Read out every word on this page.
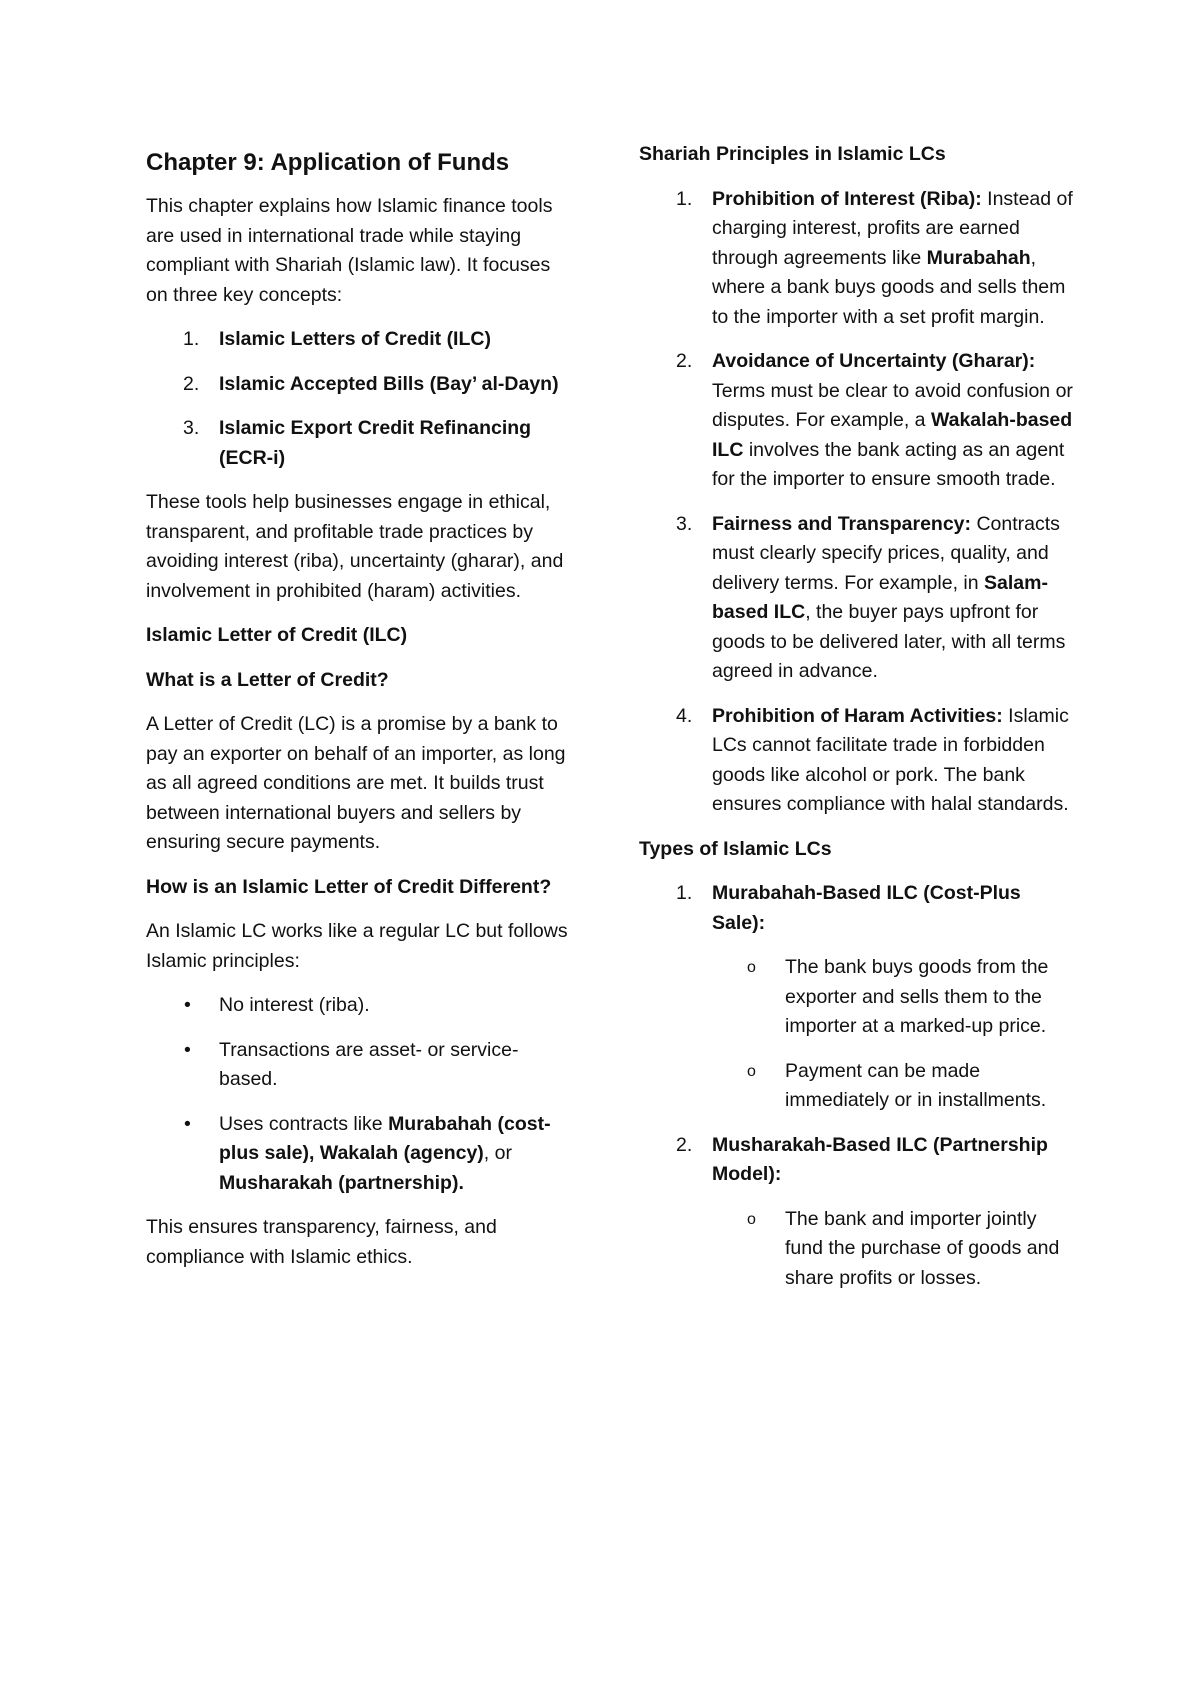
Chapter 9: Application of Funds

This chapter explains how Islamic finance tools are used in international trade while staying compliant with Shariah (Islamic law). It focuses on three key concepts:

1. Islamic Letters of Credit (ILC)
2. Islamic Accepted Bills (Bay’ al-Dayn)
3. Islamic Export Credit Refinancing (ECR-i)

These tools help businesses engage in ethical, transparent, and profitable trade practices by avoiding interest (riba), uncertainty (gharar), and involvement in prohibited (haram) activities.

Islamic Letter of Credit (ILC)

What is a Letter of Credit?

A Letter of Credit (LC) is a promise by a bank to pay an exporter on behalf of an importer, as long as all agreed conditions are met. It builds trust between international buyers and sellers by ensuring secure payments.

How is an Islamic Letter of Credit Different?

An Islamic LC works like a regular LC but follows Islamic principles:

• No interest (riba).
• Transactions are asset- or service-based.
• Uses contracts like Murabahah (cost-plus sale), Wakalah (agency), or Musharakah (partnership).

This ensures transparency, fairness, and compliance with Islamic ethics.

Shariah Principles in Islamic LCs

1. Prohibition of Interest (Riba): Instead of charging interest, profits are earned through agreements like Murabahah, where a bank buys goods and sells them to the importer with a set profit margin.
2. Avoidance of Uncertainty (Gharar): Terms must be clear to avoid confusion or disputes. For example, a Wakalah-based ILC involves the bank acting as an agent for the importer to ensure smooth trade.
3. Fairness and Transparency: Contracts must clearly specify prices, quality, and delivery terms. For example, in Salam-based ILC, the buyer pays upfront for goods to be delivered later, with all terms agreed in advance.
4. Prohibition of Haram Activities: Islamic LCs cannot facilitate trade in forbidden goods like alcohol or pork. The bank ensures compliance with halal standards.

Types of Islamic LCs

1. Murabahah-Based ILC (Cost-Plus Sale):
o The bank buys goods from the exporter and sells them to the importer at a marked-up price.
o Payment can be made immediately or in installments.
2. Musharakah-Based ILC (Partnership Model):
o The bank and importer jointly fund the purchase of goods and share profits or losses.
